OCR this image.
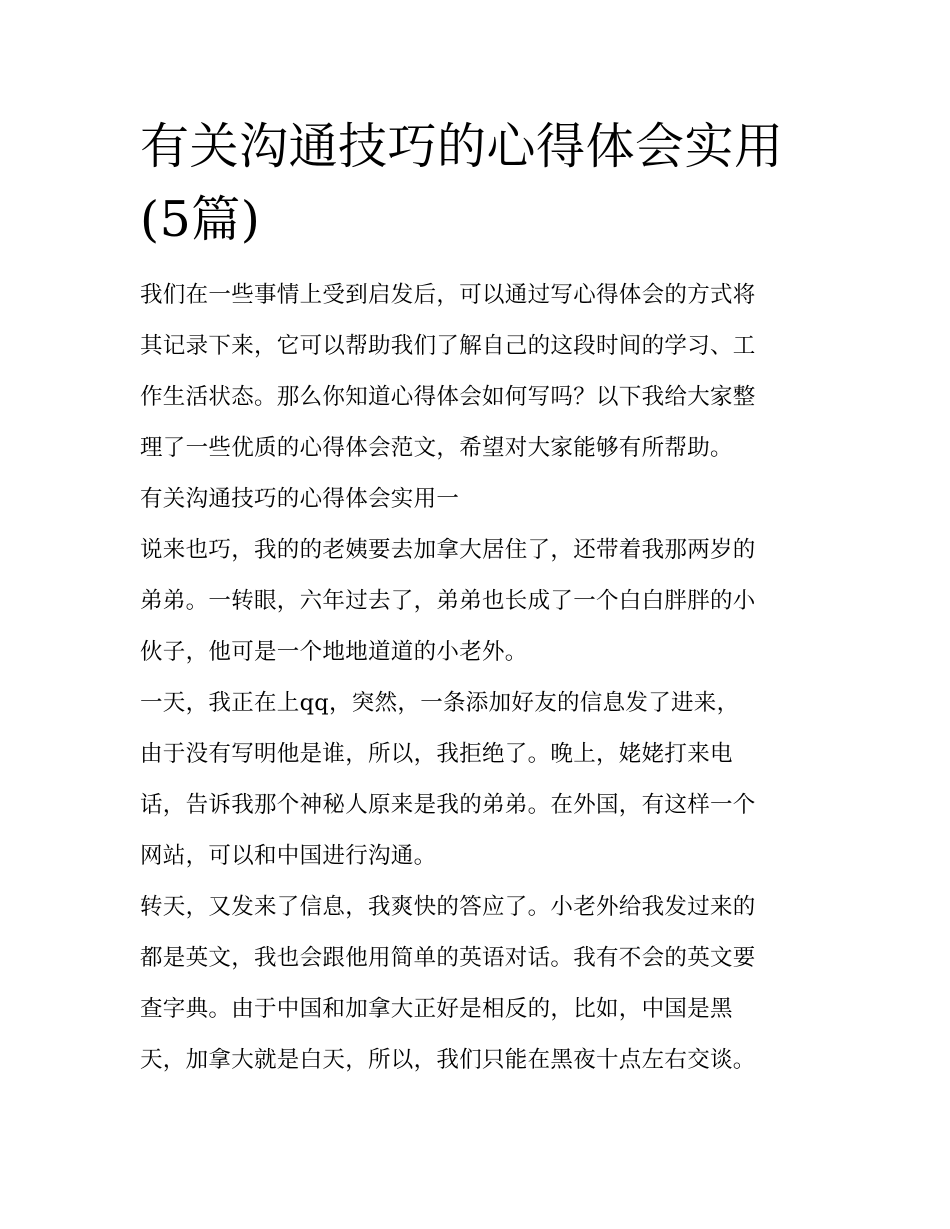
有关沟通技巧的心得体会实用
(5篇)

我们在一些事情上受到启发后，可以通过写心得体会的方式将
其记录下来，它可以帮助我们了解自己的这段时间的学习、工
作生活状态。那么你知道心得体会如何写吗？以下我给大家整
理了一些优质的心得体会范文，希望对大家能够有所帮助。

有关沟通技巧的心得体会实用一

说来也巧，我的的老姨要去加拿大居住了，还带着我那两岁的
弟弟。一转眼，六年过去了，弟弟也长成了一个白白胖胖的小
伙子，他可是一个地地道道的小老外。

一天，我正在上qq，突然，一条添加好友的信息发了进来，
由于没有写明他是谁，所以，我拒绝了。晚上，姥姥打来电
话，告诉我那个神秘人原来是我的弟弟。在外国，有这样一个
网站，可以和中国进行沟通。

转天，又发来了信息，我爽快的答应了。小老外给我发过来的
都是英文，我也会跟他用简单的英语对话。我有不会的英文要
查字典。由于中国和加拿大正好是相反的，比如，中国是黑
天，加拿大就是白天，所以，我们只能在黑夜十点左右交谈。
